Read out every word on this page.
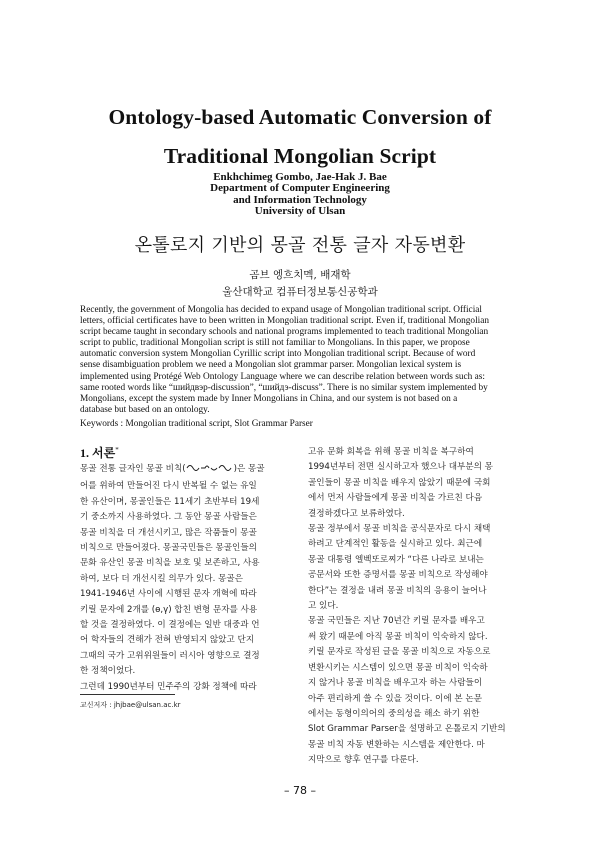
Ontology-based Automatic Conversion of
Traditional Mongolian Script
Enkhchimeg Gombo, Jae-Hak J. Bae
Department of Computer Engineering
and Information Technology
University of Ulsan
온톨로지 기반의 몽골 전통 글자 자동변환
곰브 엥흐치멕, 배재학
울산대학교 컴퓨터정보통신공학과
Recently, the government of Mongolia has decided to expand usage of Mongolian traditional script. Official
letters, official certificates have to been written in Mongolian traditional script. Even if, traditional Mongolian
script became taught in secondary schools and national programs implemented to teach traditional Mongolian
script to public, traditional Mongolian script is still not familiar to Mongolians. In this paper, we propose
automatic conversion system Mongolian Cyrillic script into Mongolian traditional script. Because of word
sense disambiguation problem we need a Mongolian slot grammar parser. Mongolian lexical system is
implemented using Protégé Web Ontology Language where we can describe relation between words such as:
same rooted words like “шийдвэр-discussion”, “шийдэ-discuss”. There is no similar system implemented by
Mongolians, except the system made by Inner Mongolians in China, and our system is not based on a
database but based on an ontology.
Keywords : Mongolian traditional script, Slot Grammar Parser
1. 서론*
몽골 전통 글자인 몽골 비칙(	)은 몽골
어를 위하여 만들어진 다시 반복될 수 없는 유일
한 유산이며, 몽골인들은 11세기 초반부터 19세
기 중소까지 사용하였다. 그 동안 몽골 사람들은
몽골 비칙을 더 개선시키고, 많은 작품들이 몽골
비칙으로 만들어졌다. 몽골국민들은 몽골인들의
문화 유산인 몽골 비칙을 보호 및 보존하고, 사용
하여, 보다 더 개선시킬 의무가 있다. 몽골은
1941-1946년 사이에 시행된 문자 개혁에 따라
키릴 문자에 2개를 (ө,ү) 합친 변형 문자를 사용
할 것을 결정하였다. 이 결정에는 일반 대중과 언
어 학자들의 견해가 전혀 반영되지 않았고 단지
그때의 국가 고위위원들이 러시아 영향으로 결정
한 정책이었다.
그런데 1990년부터 민주주의 강화 정책에 따라
교신저자 : jhjbae@ulsan.ac.kr
고유 문화 회복을 위해 몽골 비칙을 복구하여
1994년부터 전면 실시하고자 했으나 대부분의 몽
골인들이 몽골 비칙을 배우지 않았기 때문에 국회
에서 먼저 사람들에게 몽골 비칙을 가르친 다음
결정하겠다고 보류하였다.
몽골 정부에서 몽골 비칙을 공식문자로 다시 채택
하려고 단계적인 활동을 실시하고 있다. 최근에
몽골 대통령 엘벡또로찌가 “다른 나라로 보내는
공문서와 또한 증명서를 몽골 비칙으로 작성해야
한다”는 결정을 내려 몽골 비칙의 응용이 늘어나
고 있다.
몽골 국민들은 지난 70년간 키릴 문자를 배우고
써 왔기 때문에 아직 몽골 비칙이 익숙하지 않다.
키릴 문자로 작성된 글을 몽골 비칙으로 자동으로
변환시키는 시스템이 있으면 몽골 비칙이 익숙하
지 않거나 몽골 비칙을 배우고자 하는 사람들이
아주 편리하게 쓸 수 있을 것이다. 이에 본 논문
에서는 동형이의어의 중의성을 해소 하기 위한
Slot Grammar Parser을 설명하고 온톨로지 기반의
몽골 비칙 자동 변환하는 시스템을 제안한다. 마
지막으로 향후 연구를 다룬다.
– 78 –
